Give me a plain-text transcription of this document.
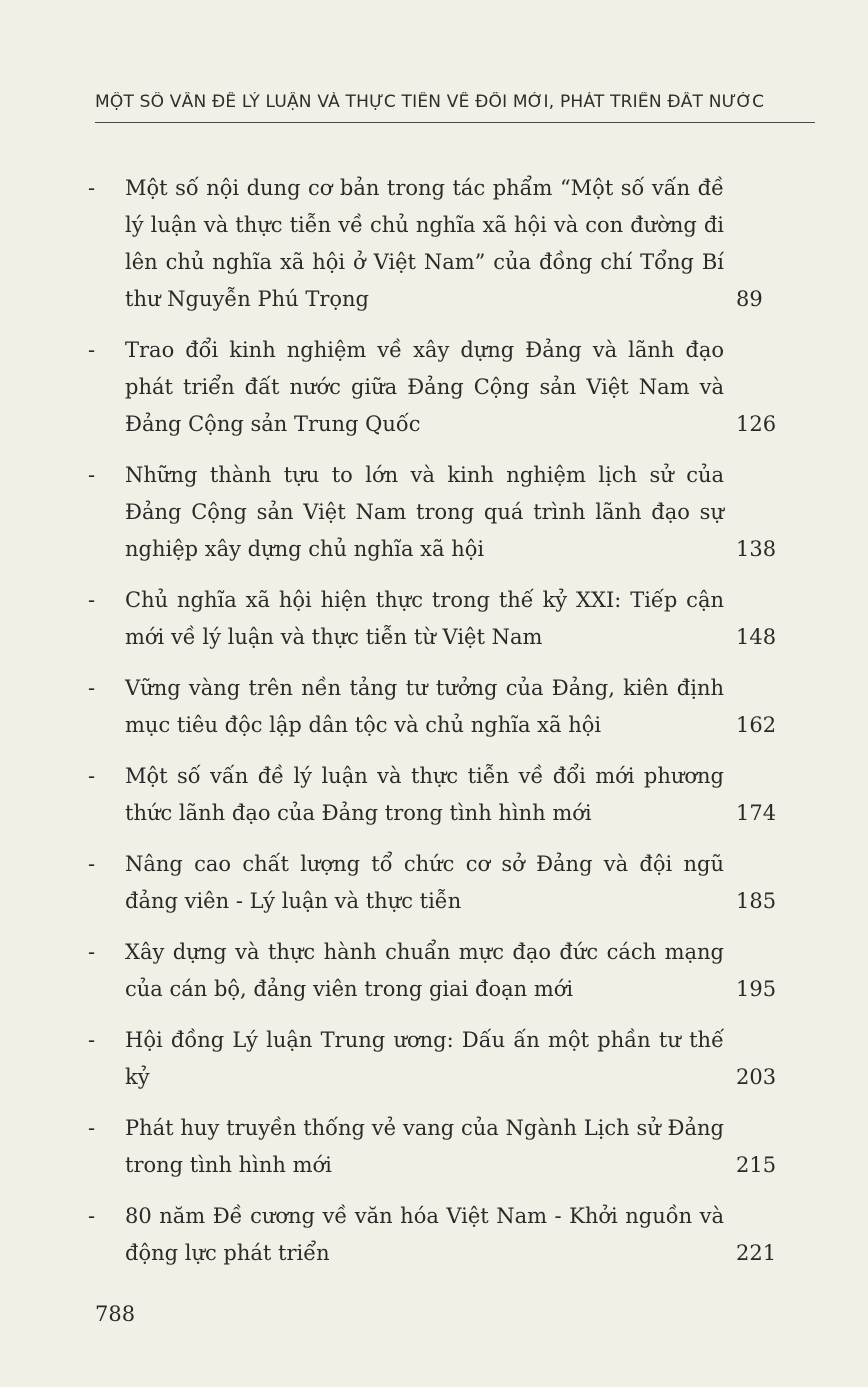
MỘT SỐ VẤN ĐỀ LÝ LUẬN VÀ THỰC TIỄN VỀ ĐỔI MỚI, PHÁT TRIỂN ĐẤT NƯỚC
-	Một số nội dung cơ bản trong tác phẩm “Một số vấn đề lý luận và thực tiễn về chủ nghĩa xã hội và con đường đi lên chủ nghĩa xã hội ở Việt Nam” của đồng chí Tổng Bí thư Nguyễn Phú Trọng	89
-	Trao đổi kinh nghiệm về xây dựng Đảng và lãnh đạo phát triển đất nước giữa Đảng Cộng sản Việt Nam và Đảng Cộng sản Trung Quốc	126
-	Những thành tựu to lớn và kinh nghiệm lịch sử của Đảng Cộng sản Việt Nam trong quá trình lãnh đạo sự nghiệp xây dựng chủ nghĩa xã hội	138
-	Chủ nghĩa xã hội hiện thực trong thế kỷ XXI: Tiếp cận mới về lý luận và thực tiễn từ Việt Nam	148
-	Vững vàng trên nền tảng tư tưởng của Đảng, kiên định mục tiêu độc lập dân tộc và chủ nghĩa xã hội	162
-	Một số vấn đề lý luận và thực tiễn về đổi mới phương thức lãnh đạo của Đảng trong tình hình mới	174
-	Nâng cao chất lượng tổ chức cơ sở Đảng và đội ngũ đảng viên - Lý luận và thực tiễn	185
-	Xây dựng và thực hành chuẩn mực đạo đức cách mạng của cán bộ, đảng viên trong giai đoạn mới	195
-	Hội đồng Lý luận Trung ương: Dấu ấn một phần tư thế kỷ	203
-	Phát huy truyền thống vẻ vang của Ngành Lịch sử Đảng trong tình hình mới	215
-	80 năm Đề cương về văn hóa Việt Nam - Khởi nguồn và động lực phát triển	221
788
